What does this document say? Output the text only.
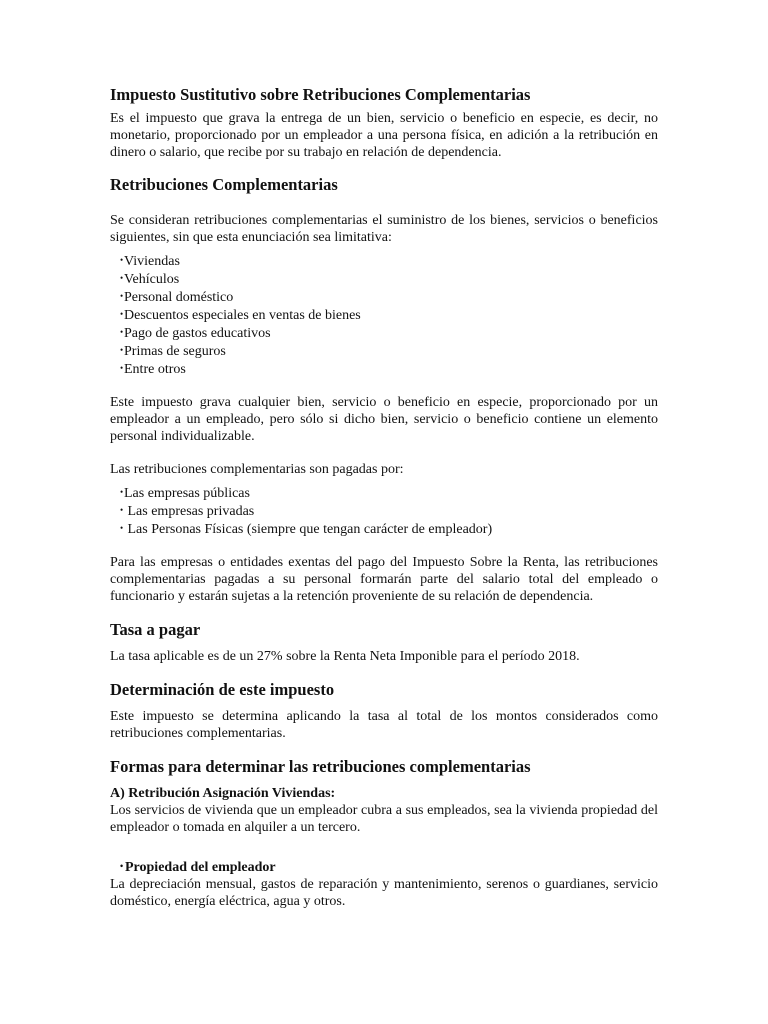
Impuesto Sustitutivo sobre Retribuciones Complementarias

Es el impuesto que grava la entrega de un bien, servicio o beneficio en especie, es decir, no monetario, proporcionado por un empleador a una persona física, en adición a la retribución en dinero o salario, que recibe por su trabajo en relación de dependencia.

Retribuciones Complementarias

Se consideran retribuciones complementarias el suministro de los bienes, servicios o beneficios siguientes, sin que esta enunciación sea limitativa:

•Viviendas
•Vehículos
•Personal doméstico
•Descuentos especiales en ventas de bienes
•Pago de gastos educativos
•Primas de seguros
•Entre otros

Este impuesto grava cualquier bien, servicio o beneficio en especie, proporcionado por un empleador a un empleado, pero sólo si dicho bien, servicio o beneficio contiene un elemento personal individualizable.

Las retribuciones complementarias son pagadas por:

•Las empresas públicas
• Las empresas privadas
• Las Personas Físicas (siempre que tengan carácter de empleador)

Para las empresas o entidades exentas del pago del Impuesto Sobre la Renta, las retribuciones complementarias pagadas a su personal formarán parte del salario total del empleado o funcionario y estarán sujetas a la retención proveniente de su relación de dependencia.

Tasa a pagar

La tasa aplicable es de un 27% sobre la Renta Neta Imponible para el período 2018.

Determinación de este impuesto

Este impuesto se determina aplicando la tasa al total de los montos considerados como retribuciones complementarias.

Formas para determinar las retribuciones complementarias
A) Retribución Asignación Viviendas:

Los servicios de vivienda que un empleador cubra a sus empleados, sea la vivienda propiedad del empleador o tomada en alquiler a un tercero.

• Propiedad del empleador

La depreciación mensual, gastos de reparación y mantenimiento, serenos o guardianes, servicio doméstico, energía eléctrica, agua y otros.
